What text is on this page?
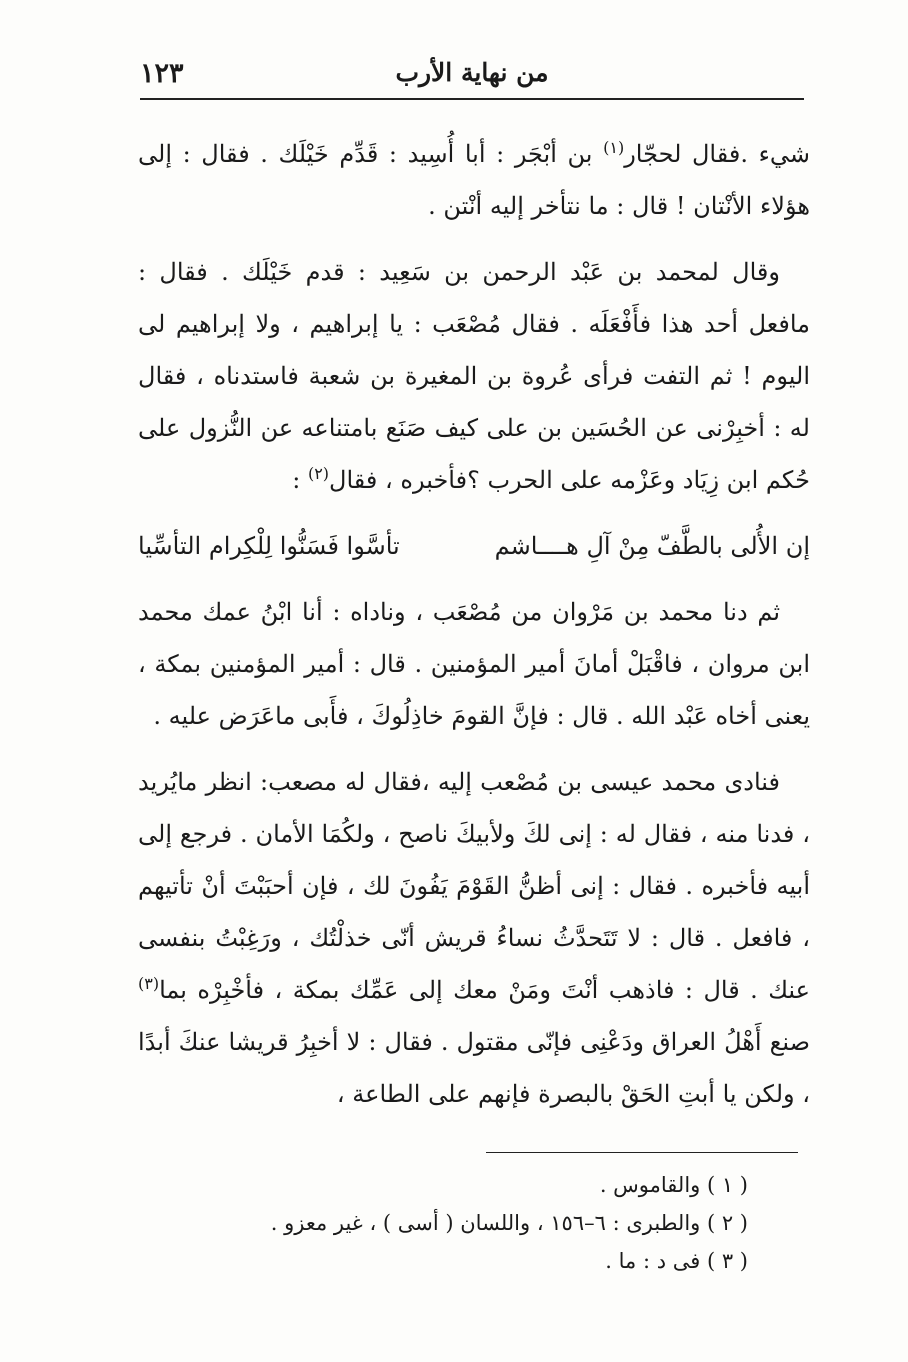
من نهاية الأرب
١٢٣

شيء .فقال لحجّار$^{(١)}$ بن أبْجَر : أبا أُسِيد : قَدِّم خَيْلَك . فقال : إلى هؤلاء الأنْتان ! قال : ما نتأخر إليه أنْتن .

وقال لمحمد بن عَبْد الرحمن بن سَعِيد : قدم خَيْلَك . فقال : مافعل أحد هذا فأَفْعَلَه . فقال مُصْعَب : يا إبراهيم ، ولا إبراهيم لى اليوم ! ثم التفت فرأى عُروة بن المغيرة بن شعبة فاستدناه ، فقال له : أخبِرْنى عن الحُسَين بن على كيف صَنَع بامتناعه عن النُّزول على حُكم ابن زِيَاد وعَزْمه على الحرب ؟فأخبره ، فقال$^{(٢)}$ :

إن الأُلى بالطَّفّ مِنْ آلِ هــــاشم
تأسَّوا فَسَنُّوا لِلْكِرام التأسِّيا

ثم دنا محمد بن مَرْوان من مُصْعَب ، وناداه : أنا ابْنُ عمك محمد ابن مروان ، فاقْبَلْ أمانَ أمير المؤمنين . قال : أمير المؤمنين بمكة ، يعنى أخاه عَبْد الله . قال : فإنَّ القومَ خاذِلُوكَ ، فأَبى ماعَرَض عليه .

فنادى محمد عيسى بن مُصْعب إليه ،فقال له مصعب: انظر مايُريد ، فدنا منه ، فقال له : إنى لكَ ولأبيكَ ناصح ، ولكُمَا الأمان . فرجع إلى أبيه فأخبره . فقال : إنى أظنُّ القَوْمَ يَفُونَ لك ، فإن أحبَبْتَ أنْ تأتيهم ، فافعل . قال : لا تَتَحدَّثُ نساءُ قريش أنّى خذلْتُك ، ورَغِبْتُ بنفسى عنك . قال : فاذهب أنْتَ ومَنْ معك إلى عَمِّك بمكة ، فأخْبِرْه بما$^{(٣)}$ صنع أَهْلُ العراق ودَعْنِى فإنّى مقتول . فقال : لا أخبِرُ قريشا عنكَ أبدًا ، ولكن يا أبتِ الحَقْ بالبصرة فإنهم على الطاعة ،

( ١ ) والقاموس .

( ٢ ) والطبرى : ٦–١٥٦ ، واللسان ( أسى ) ، غير معزو .

( ٣ ) فى د : ما .
